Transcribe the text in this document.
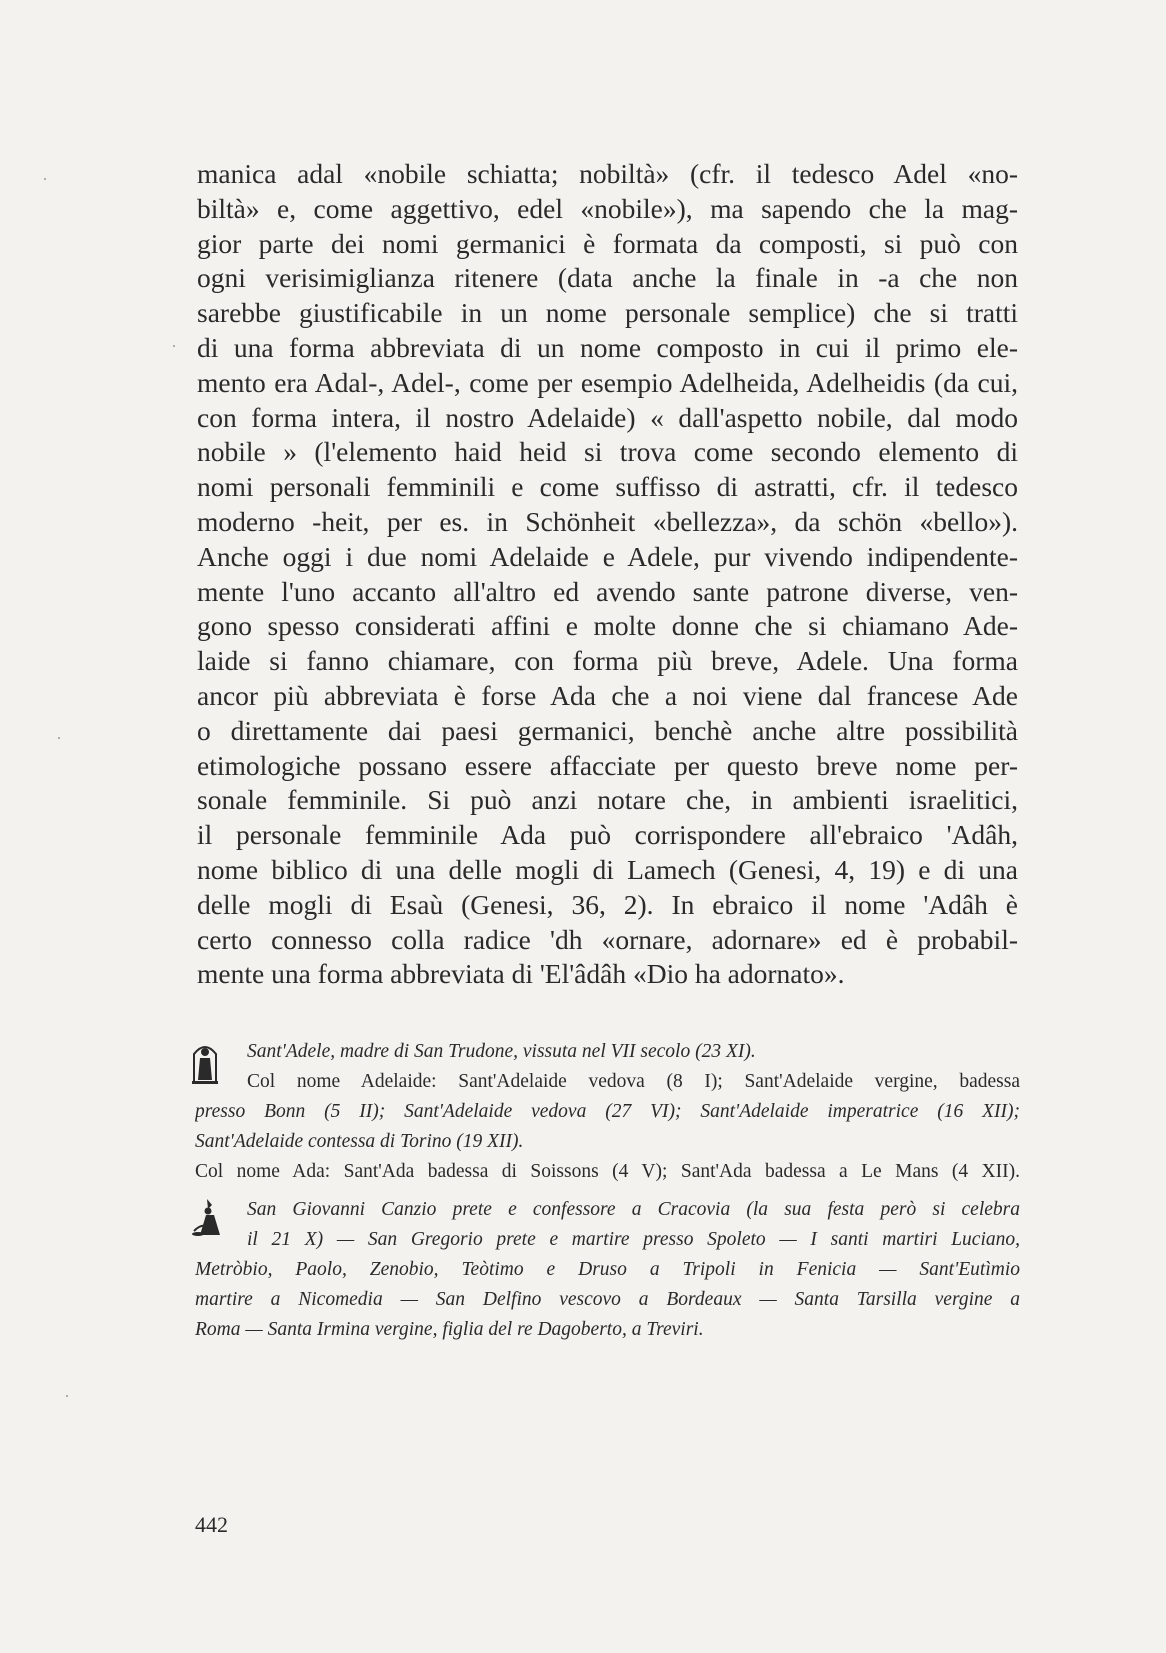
manica adal «nobile schiatta; nobiltà» (cfr. il tedesco Adel «no-
biltà» e, come aggettivo, edel «nobile»), ma sapendo che la mag-
gior parte dei nomi germanici è formata da composti, si può con
ogni verisimiglianza ritenere (data anche la finale in -a che non
sarebbe giustificabile in un nome personale semplice) che si tratti
di una forma abbreviata di un nome composto in cui il primo ele-
mento era Adal-, Adel-, come per esempio Adelheida, Adelheidis (da cui,
con forma intera, il nostro Adelaide) « dall'aspetto nobile, dal modo
nobile » (l'elemento haid heid si trova come secondo elemento di
nomi personali femminili e come suffisso di astratti, cfr. il tedesco
moderno -heit, per es. in Schönheit «bellezza», da schön «bello»).
Anche oggi i due nomi Adelaide e Adele, pur vivendo indipendente-
mente l'uno accanto all'altro ed avendo sante patrone diverse, ven-
gono spesso considerati affini e molte donne che si chiamano Ade-
laide si fanno chiamare, con forma più breve, Adele. Una forma
ancor più abbreviata è forse Ada che a noi viene dal francese Ade
o direttamente dai paesi germanici, benchè anche altre possibilità
etimologiche possano essere affacciate per questo breve nome per-
sonale femminile. Si può anzi notare che, in ambienti israelitici,
il personale femminile Ada può corrispondere all'ebraico 'Adâh,
nome biblico di una delle mogli di Lamech (Genesi, 4, 19) e di una
delle mogli di Esaù (Genesi, 36, 2). In ebraico il nome 'Adâh è
certo connesso colla radice 'dh «ornare, adornare» ed è probabil-
mente una forma abbreviata di 'El'âdâh «Dio ha adornato».
Sant'Adele, madre di San Trudone, vissuta nel VII secolo (23 XI).
Col nome Adelaide: Sant'Adelaide vedova (8 I); Sant'Adelaide vergine, badessa
presso Bonn (5 II); Sant'Adelaide vedova (27 VI); Sant'Adelaide imperatrice (16 XII);
Sant'Adelaide contessa di Torino (19 XII).
Col nome Ada: Sant'Ada badessa di Soissons (4 V); Sant'Ada badessa a Le Mans (4 XII).
San Giovanni Canzio prete e confessore a Cracovia (la sua festa però si celebra
il 21 X) — San Gregorio prete e martire presso Spoleto — I santi martiri Luciano,
Metròbio, Paolo, Zenobio, Teòtimo e Druso a Tripoli in Fenicia — Sant'Eutìmio
martire a Nicomedia — San Delfino vescovo a Bordeaux — Santa Tarsilla vergine a
Roma — Santa Irmina vergine, figlia del re Dagoberto, a Treviri.
442
